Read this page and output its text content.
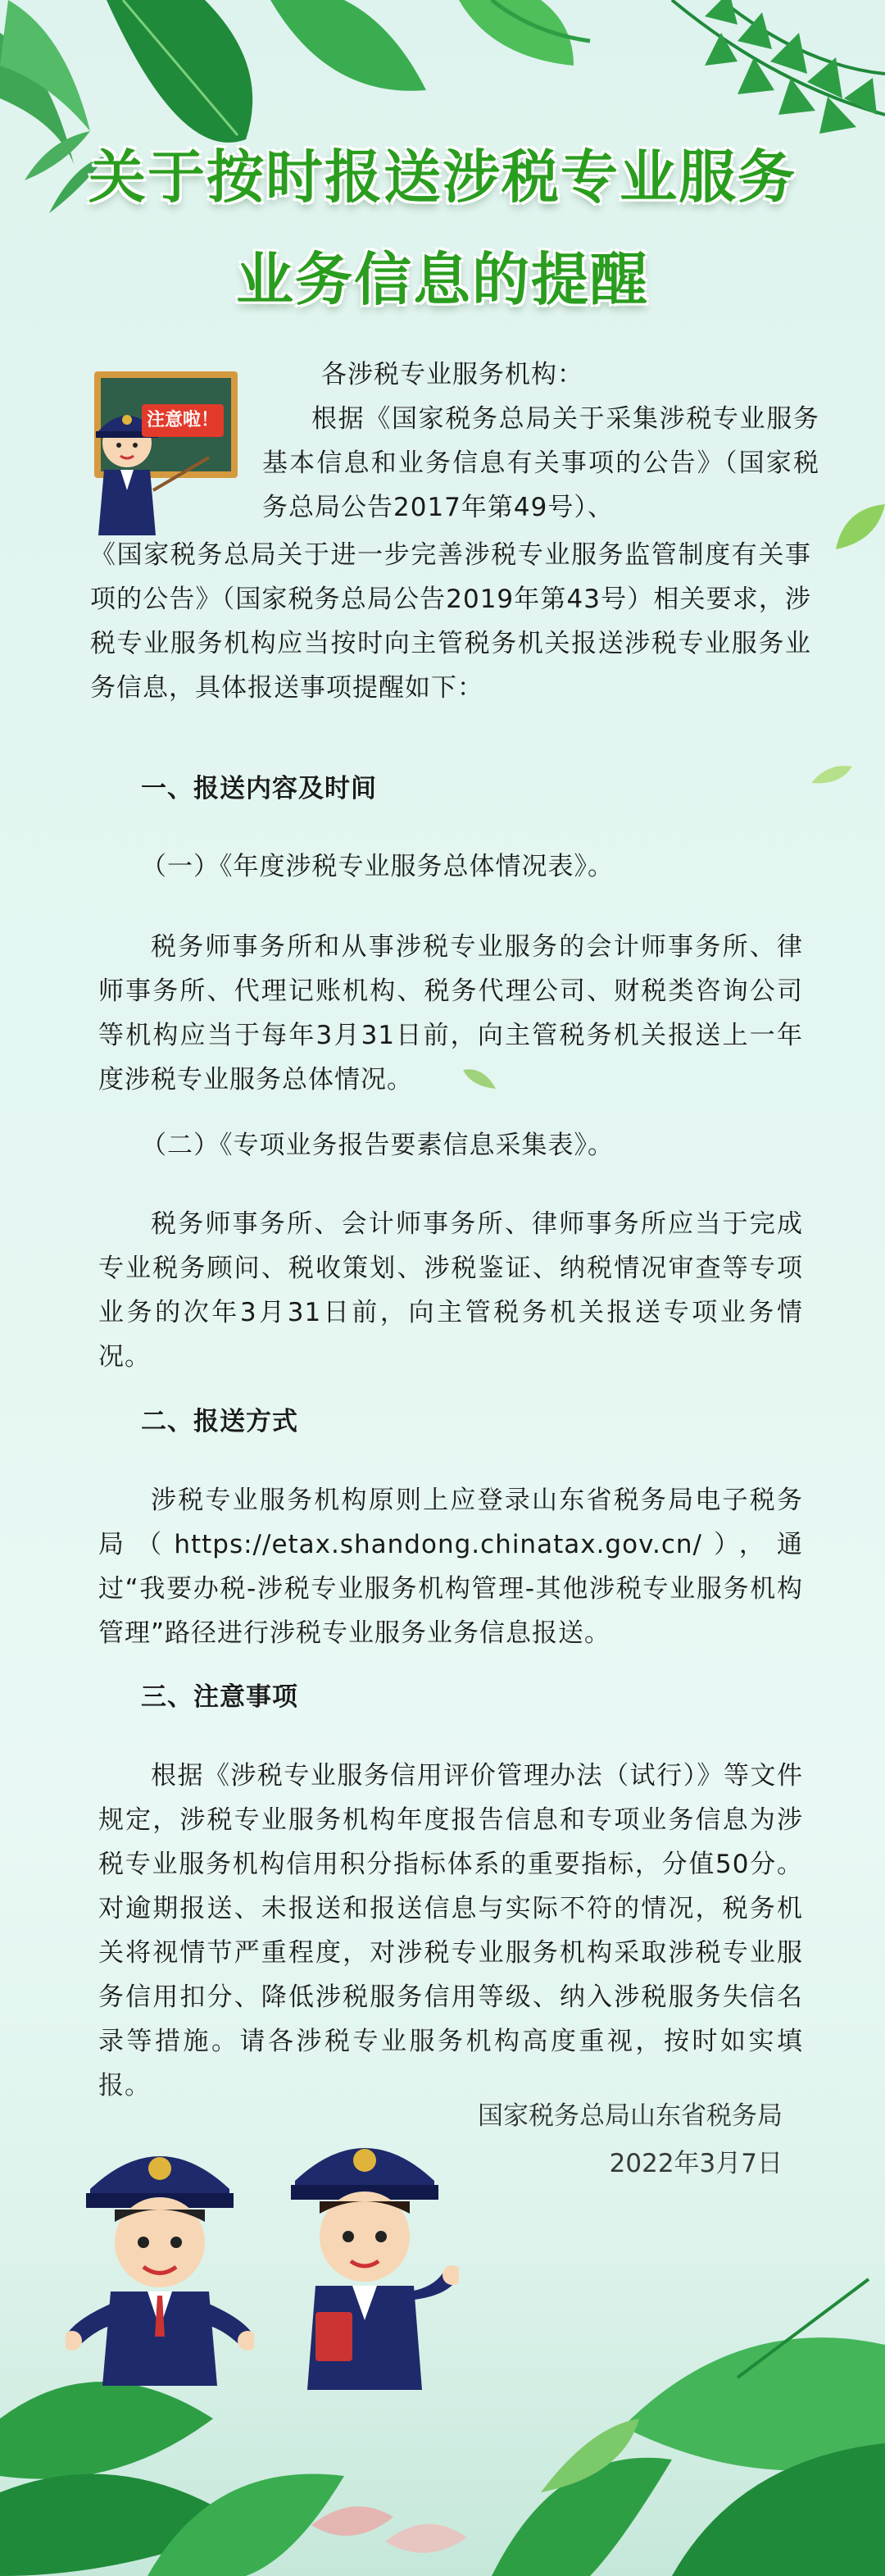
关于按时报送涉税专业服务
业务信息的提醒
注意啦！
各涉税专业服务机构：
根据《国家税务总局关于采集涉税专业服务基本信息和业务信息有关事项的公告》（国家税务总局公告2017年第49号）、
《国家税务总局关于进一步完善涉税专业服务监管制度有关事项的公告》（国家税务总局公告2019年第43号）相关要求，涉税专业服务机构应当按时向主管税务机关报送涉税专业服务业务信息，具体报送事项提醒如下：
一、报送内容及时间
（一）《年度涉税专业服务总体情况表》。
税务师事务所和从事涉税专业服务的会计师事务所、律师事务所、代理记账机构、税务代理公司、财税类咨询公司等机构应当于每年3月31日前，向主管税务机关报送上一年度涉税专业服务总体情况。
（二）《专项业务报告要素信息采集表》。
税务师事务所、会计师事务所、律师事务所应当于完成专业税务顾问、税收策划、涉税鉴证、纳税情况审查等专项业务的次年3月31日前，向主管税务机关报送专项业务情况。
二、报送方式
涉税专业服务机构原则上应登录山东省税务局电子税务局（https://etax.shandong.chinatax.gov.cn/），通过“我要办税-涉税专业服务机构管理-其他涉税专业服务机构管理”路径进行涉税专业服务业务信息报送。
三、注意事项
根据《涉税专业服务信用评价管理办法（试行）》等文件规定，涉税专业服务机构年度报告信息和专项业务信息为涉税专业服务机构信用积分指标体系的重要指标，分值50分。对逾期报送、未报送和报送信息与实际不符的情况，税务机关将视情节严重程度，对涉税专业服务机构采取涉税专业服务信用扣分、降低涉税服务信用等级、纳入涉税服务失信名
